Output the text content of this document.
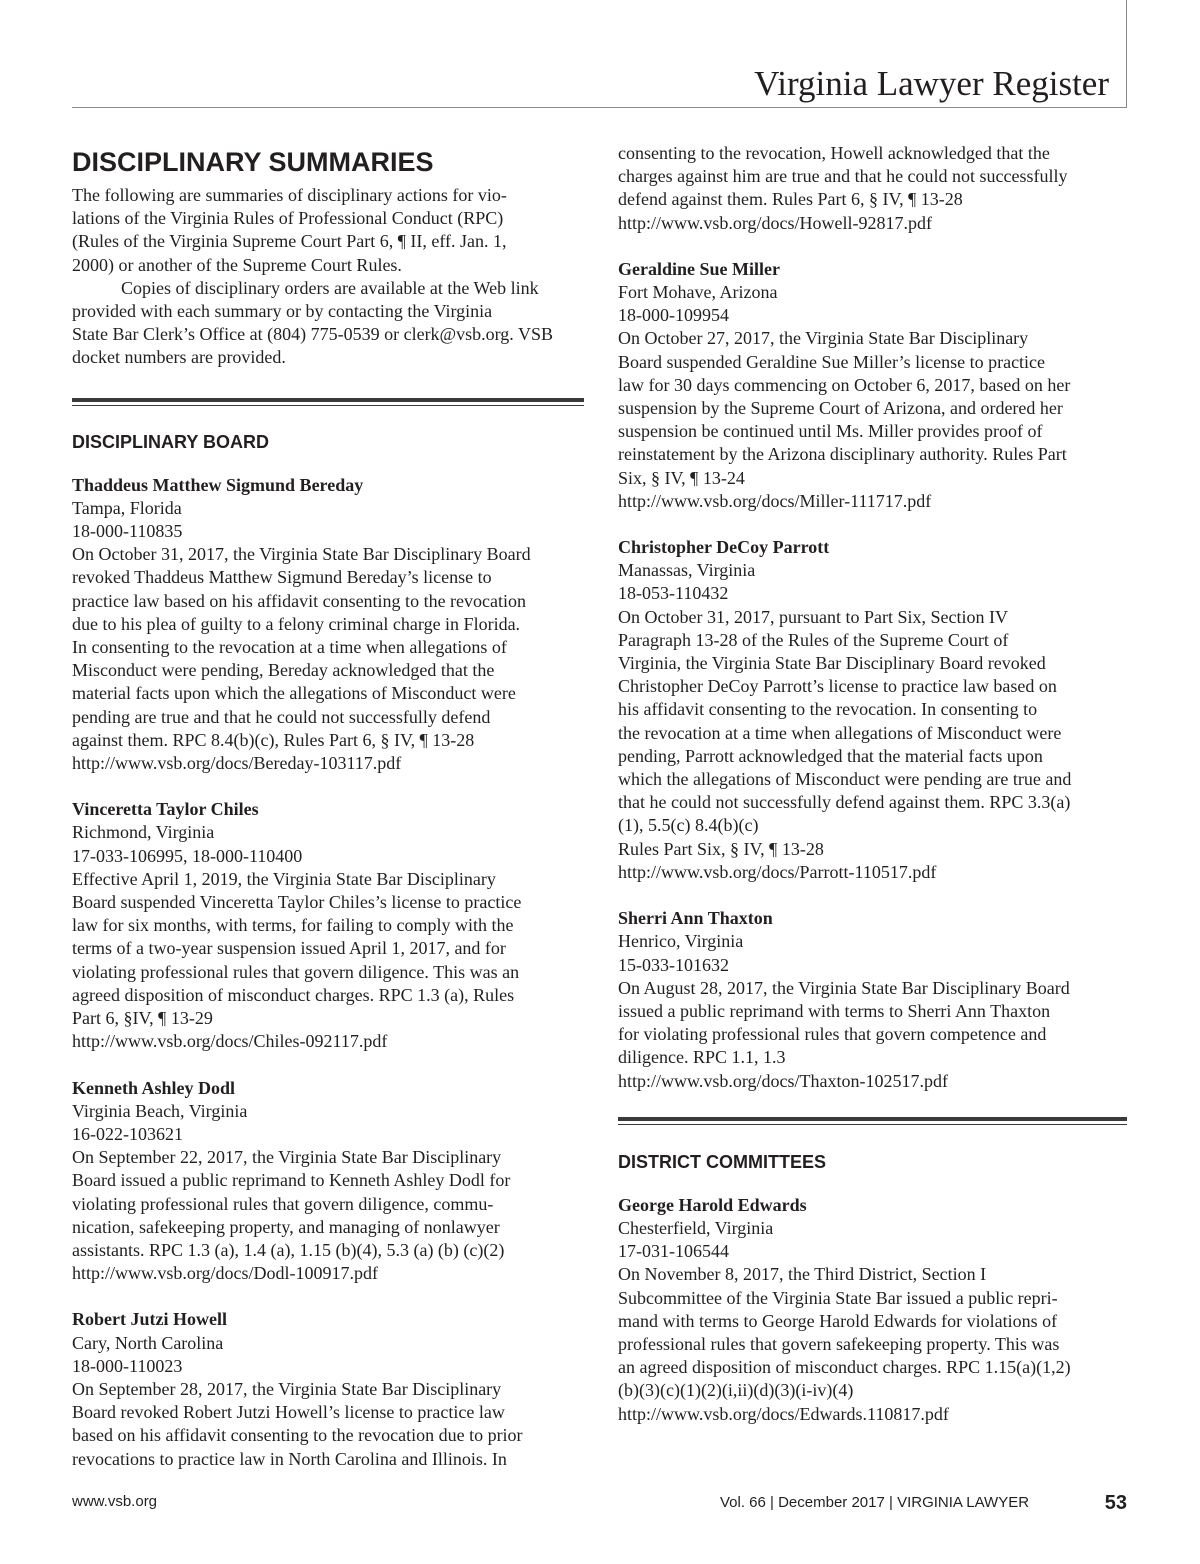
Virginia Lawyer Register
DISCIPLINARY SUMMARIES

The following are summaries of disciplinary actions for vio-

lations of the Virginia Rules of Professional Conduct (RPC)

(Rules of the Virginia Supreme Court Part 6, ¶ II, eff. Jan. 1,

2000) or another of the Supreme Court Rules.

Copies of disciplinary orders are available at the Web link

provided with each summary or by contacting the Virginia

State Bar Clerk’s Office at (804) 775-0539 or clerk@vsb.org. VSB

docket numbers are provided.

DISCIPLINARY BOARD

Thaddeus Matthew Sigmund Bereday

Tampa, Florida

18-000-110835

On October 31, 2017, the Virginia State Bar Disciplinary Board

revoked Thaddeus Matthew Sigmund Bereday’s license to

practice law based on his affidavit consenting to the revocation

due to his plea of guilty to a felony criminal charge in Florida.

In consenting to the revocation at a time when allegations of

Misconduct were pending, Bereday acknowledged that the

material facts upon which the allegations of Misconduct were

pending are true and that he could not successfully defend

against them. RPC 8.4(b)(c), Rules Part 6, § IV, ¶ 13-28

http://www.vsb.org/docs/Bereday-103117.pdf

Vinceretta Taylor Chiles

Richmond, Virginia

17-033-106995, 18-000-110400

Effective April 1, 2019, the Virginia State Bar Disciplinary

Board suspended Vinceretta Taylor Chiles’s license to practice

law for six months, with terms, for failing to comply with the

terms of a two-year suspension issued April 1, 2017, and for

violating professional rules that govern diligence. This was an

agreed disposition of misconduct charges. RPC 1.3 (a), Rules

Part 6, §IV, ¶ 13-29

http://www.vsb.org/docs/Chiles-092117.pdf

Kenneth Ashley Dodl

Virginia Beach, Virginia

16-022-103621

On September 22, 2017, the Virginia State Bar Disciplinary

Board issued a public reprimand to Kenneth Ashley Dodl for

violating professional rules that govern diligence, commu-

nication, safekeeping property, and managing of nonlawyer

assistants. RPC 1.3 (a), 1.4 (a), 1.15 (b)(4), 5.3 (a) (b) (c)(2)

http://www.vsb.org/docs/Dodl-100917.pdf

Robert Jutzi Howell

Cary, North Carolina

18-000-110023

On September 28, 2017, the Virginia State Bar Disciplinary

Board revoked Robert Jutzi Howell’s license to practice law

based on his affidavit consenting to the revocation due to prior

revocations to practice law in North Carolina and Illinois. In

consenting to the revocation, Howell acknowledged that the

charges against him are true and that he could not successfully

defend against them. Rules Part 6, § IV, ¶ 13-28

http://www.vsb.org/docs/Howell-92817.pdf

Geraldine Sue Miller

Fort Mohave, Arizona

18-000-109954

On October 27, 2017, the Virginia State Bar Disciplinary

Board suspended Geraldine Sue Miller’s license to practice

law for 30 days commencing on October 6, 2017, based on her

suspension by the Supreme Court of Arizona, and ordered her

suspension be continued until Ms. Miller provides proof of

reinstatement by the Arizona disciplinary authority. Rules Part

Six, § IV, ¶ 13-24

http://www.vsb.org/docs/Miller-111717.pdf

Christopher DeCoy Parrott

Manassas, Virginia

18-053-110432

On October 31, 2017, pursuant to Part Six, Section IV

Paragraph 13-28 of the Rules of the Supreme Court of

Virginia, the Virginia State Bar Disciplinary Board revoked

Christopher DeCoy Parrott’s license to practice law based on

his affidavit consenting to the revocation. In consenting to

the revocation at a time when allegations of Misconduct were

pending, Parrott acknowledged that the material facts upon

which the allegations of Misconduct were pending are true and

that he could not successfully defend against them. RPC 3.3(a)

(1), 5.5(c) 8.4(b)(c)

Rules Part Six, § IV, ¶ 13-28

http://www.vsb.org/docs/Parrott-110517.pdf

Sherri Ann Thaxton

Henrico, Virginia

15-033-101632

On August 28, 2017, the Virginia State Bar Disciplinary Board

issued a public reprimand with terms to Sherri Ann Thaxton

for violating professional rules that govern competence and

diligence. RPC 1.1, 1.3

http://www.vsb.org/docs/Thaxton-102517.pdf

DISTRICT COMMITTEES

George Harold Edwards

Chesterfield, Virginia

17-031-106544

On November 8, 2017, the Third District, Section I

Subcommittee of the Virginia State Bar issued a public repri-

mand with terms to George Harold Edwards for violations of

professional rules that govern safekeeping property. This was

an agreed disposition of misconduct charges. RPC 1.15(a)(1,2)

(b)(3)(c)(1)(2)(i,ii)(d)(3)(i-iv)(4)

http://www.vsb.org/docs/Edwards.110817.pdf

www.vsb.org	Vol. 66 | December 2017 | VIRGINIA LAWYER	53
